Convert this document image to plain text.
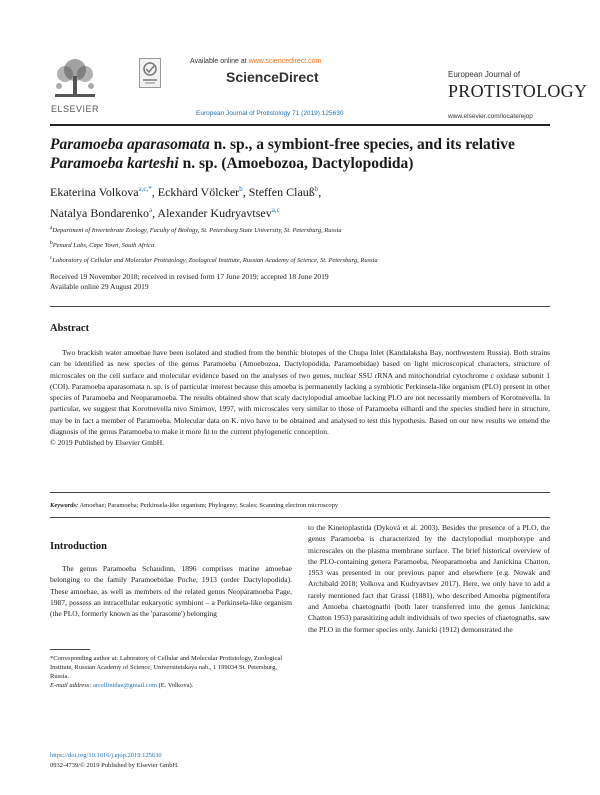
ELSEVIER
Available online at www.sciencedirect.com
ScienceDirect
European Journal of Protistology 71 (2019) 125630
European Journal of
PROTISTOLOGY
www.elsevier.com/locate/ejop
Paramoeba aparasomata n. sp., a symbiont-free species, and its relative
Paramoeba karteshi n. sp. (Amoebozoa, Dactylopodida)
Ekaterina Volkova$^{a,c,*}$, Eckhard Völcker$^b$, Steffen Clauß$^b$,
Natalya Bondarenko$^a$, Alexander Kudryavtsev$^{a,c}$
$^a$Department of Invertebrate Zoology, Faculty of Biology, St. Petersburg State University, St. Petersburg, Russia
$^b$Penard Labs, Cape Town, South Africa
$^c$Laboratory of Cellular and Molecular Protistology, Zoological Institute, Russian Academy of Science, St. Petersburg, Russia
Received 19 November 2018; received in revised form 17 June 2019; accepted 18 June 2019
Available online 29 August 2019
Abstract
Two brackish water amoebae have been isolated and studied from the benthic biotopes of the Chupa Inlet (Kandalaksha Bay, northwestern Russia). Both strains can be identified as new species of the genus Paramoeba (Amoebozoa, Dactylopodida, Paramoebidae) based on light microscopical characters, structure of microscales on the cell surface and molecular evidence based on the analyses of two genes, nuclear SSU rRNA and mitochondrial cytochrome c oxidase subunit 1 (COI). Paramoeba aparasomata n. sp. is of particular interest because this amoeba is permanently lacking a symbiotic Perkinsela-like organism (PLO) present in other species of Paramoeba and Neoparamoeba. The results obtained show that scaly dactylopodial amoebae lacking PLO are not necessarily members of Korotnevella. In particular, we suggest that Korotnevella nivo Smirnov, 1997, with microscales very similar to those of Paramoeba eilhardi and the species studied here in structure, may be in fact a member of Paramoeba. Molecular data on K. nivo have to be obtained and analysed to test this hypothesis. Based on our new results we emend the diagnosis of the genus Paramoeba to make it more fit to the current phylogenetic conception.
© 2019 Published by Elsevier GmbH.
Keywords: Amoebae; Paramoeba; Perkinsela-like organism; Phylogeny; Scales; Scanning electron microscopy
Introduction
The genus Paramoeba Schaudinn, 1896 comprises marine amoebae belonging to the family Paramoebidae Poche, 1913 (order Dactylopodida). These amoebae, as well as members of the related genus Neoparamoeba Page, 1987, possess an intracellular eukaryotic symbiont – a Perkinsela-like organism (the PLO, formerly known as the 'parasome') belonging
to the Kinetoplastida (Dyková et al. 2003). Besides the presence of a PLO, the genus Paramoeba is characterized by the dactylopodial morphotype and microscales on the plasma membrane surface. The brief historical overview of the PLO-containing genera Paramoeba, Neoparamoeba and Janickina Chatton, 1953 was presented in our previous paper and elsewhere (e.g. Nowak and Archibald 2018; Volkova and Kudryavtsev 2017). Here, we only have to add a rarely mentioned fact that Grassi (1881), who described Amoeba pigmentifera and Amoeba chaetognathi (both later transferred into the genus Janickina; Chatton 1953) parasitizing adult individuals of two species of chaetognaths, saw the PLO in the former species only. Janicki (1912) demonstrated the
*Corresponding author at: Laboratory of Cellular and Molecular Protistology, Zoological Institute, Russian Academy of Science, Universitetskaya nab., 1 199034 St. Petersburg, Russia.
E-mail address: arcellinidae@gmail.com (E. Volkova).
https://doi.org/10.1016/j.ejop.2019.125630
0932-4739/© 2019 Published by Elsevier GmbH.
